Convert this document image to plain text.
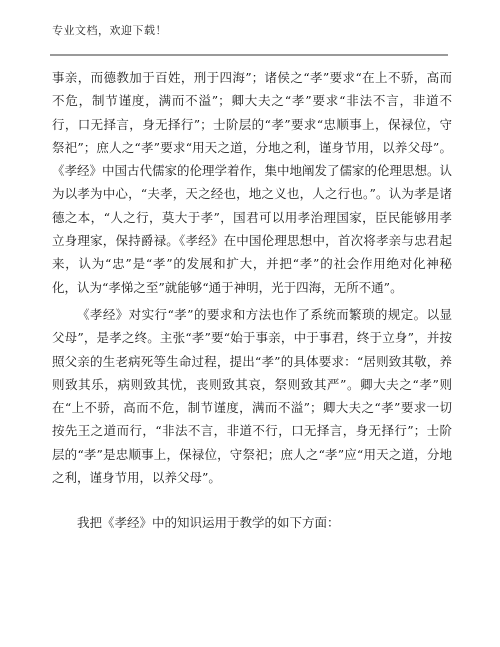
专业文档，欢迎下载！

事亲，而德教加于百姓，刑于四海”；诸侯之“孝”要求“在上不骄，高而不危，制节谨度，满而不溢”；卿大夫之“孝”要求“非法不言，非道不行，口无择言，身无择行”；士阶层的“孝”要求“忠顺事上，保禄位，守祭祀”；庶人之“孝”要求“用天之道，分地之利，谨身节用，以养父母”。《孝经》中国古代儒家的伦理学着作，集中地阐发了儒家的伦理思想。认为以孝为中心，“夫孝，天之经也，地之义也，人之行也。”。认为孝是诸德之本，“人之行，莫大于孝”，国君可以用孝治理国家，臣民能够用孝立身理家，保持爵禄。《孝经》在中国伦理思想中，首次将孝亲与忠君起来，认为“忠”是“孝”的发展和扩大，并把“孝”的社会作用绝对化神秘化，认为“孝悌之至”就能够“通于神明，光于四海，无所不通”。

《孝经》对实行“孝”的要求和方法也作了系统而繁琐的规定。以显父母”，是孝之终。主张“孝”要“始于事亲，中于事君，终于立身”，并按照父亲的生老病死等生命过程，提出“孝”的具体要求：“居则致其敬，养则致其乐，病则致其忧，丧则致其哀，祭则致其严”。卿大夫之“孝”则在“上不骄，高而不危，制节谨度，满而不溢”；卿大夫之“孝”要求一切按先王之道而行，“非法不言，非道不行，口无择言，身无择行”；士阶层的“孝”是忠顺事上，保禄位，守祭祀；庶人之“孝”应“用天之道，分地之利，谨身节用，以养父母”。

我把《孝经》中的知识运用于教学的如下方面：
